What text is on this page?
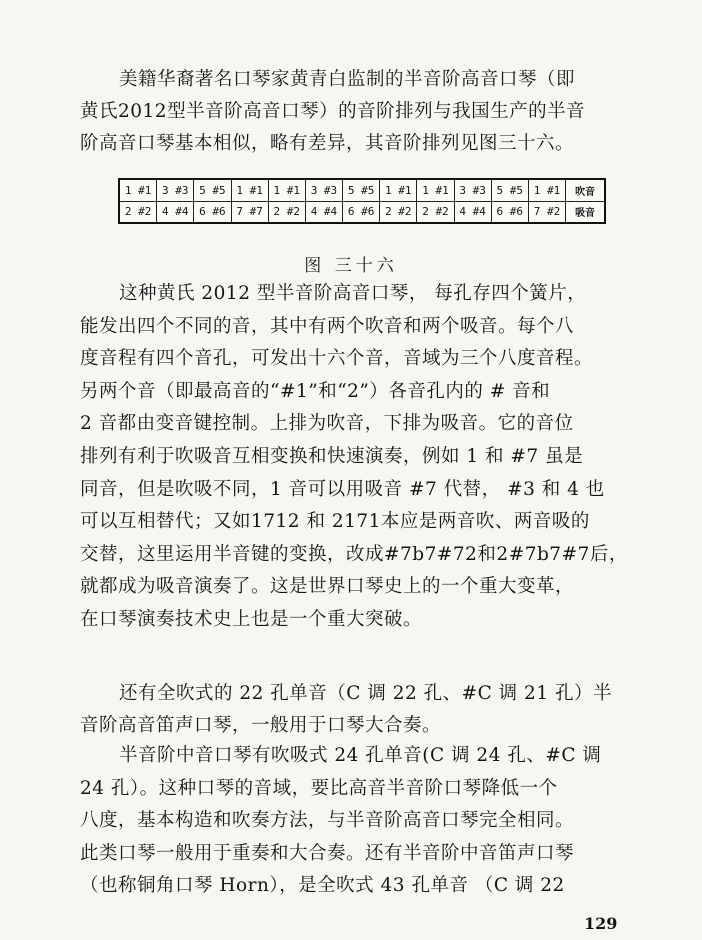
美籍华裔著名口琴家黄青白监制的半音阶高音口琴（即
黄氏2012型半音阶高音口琴）的音阶排列与我国生产的半音
阶高音口琴基本相似，略有差异，其音阶排列见图三十六。

1 #1
2 #2
3 #3
4 #4
5 #5
6 #6
1 #1
7 #7
1 #1
2 #2
3 #3
4 #4
5 #5
6 #6
1 #1
2 #2
1 #1
2 #2
3 #3
4 #4
5 #5
6 #6
1 #1
7 #2
吹音
吸音
图 三十六

这种黄氏 2012 型半音阶高音口琴， 每孔存四个簧片，
能发出四个不同的音，其中有两个吹音和两个吸音。每个八
度音程有四个音孔，可发出十六个音，音域为三个八度音程。
另两个音（即最高音的“#1”和“2”）各音孔内的 # 音和
2 音都由变音键控制。上排为吹音，下排为吸音。它的音位
排列有利于吹吸音互相变换和快速演奏，例如 1 和 #7 虽是
同音，但是吹吸不同，1 音可以用吸音 #7 代替， #3 和 4 也
可以互相替代；又如1712 和 2171本应是两音吹、两音吸的
交替，这里运用半音键的变换，改成#7b7#72和2#7b7#7后，
就都成为吸音演奏了。这是世界口琴史上的一个重大变革，
在口琴演奏技术史上也是一个重大突破。

还有全吹式的 22 孔单音（C 调 22 孔、#C 调 21 孔）半
音阶高音笛声口琴，一般用于口琴大合奏。

半音阶中音口琴有吹吸式 24 孔单音(C 调 24 孔、#C 调
24 孔）。这种口琴的音域，要比高音半音阶口琴降低一个
八度，基本构造和吹奏方法，与半音阶高音口琴完全相同。
此类口琴一般用于重奏和大合奏。还有半音阶中音笛声口琴
（也称铜角口琴 Horn），是全吹式 43 孔单音 （C 调 22

129
